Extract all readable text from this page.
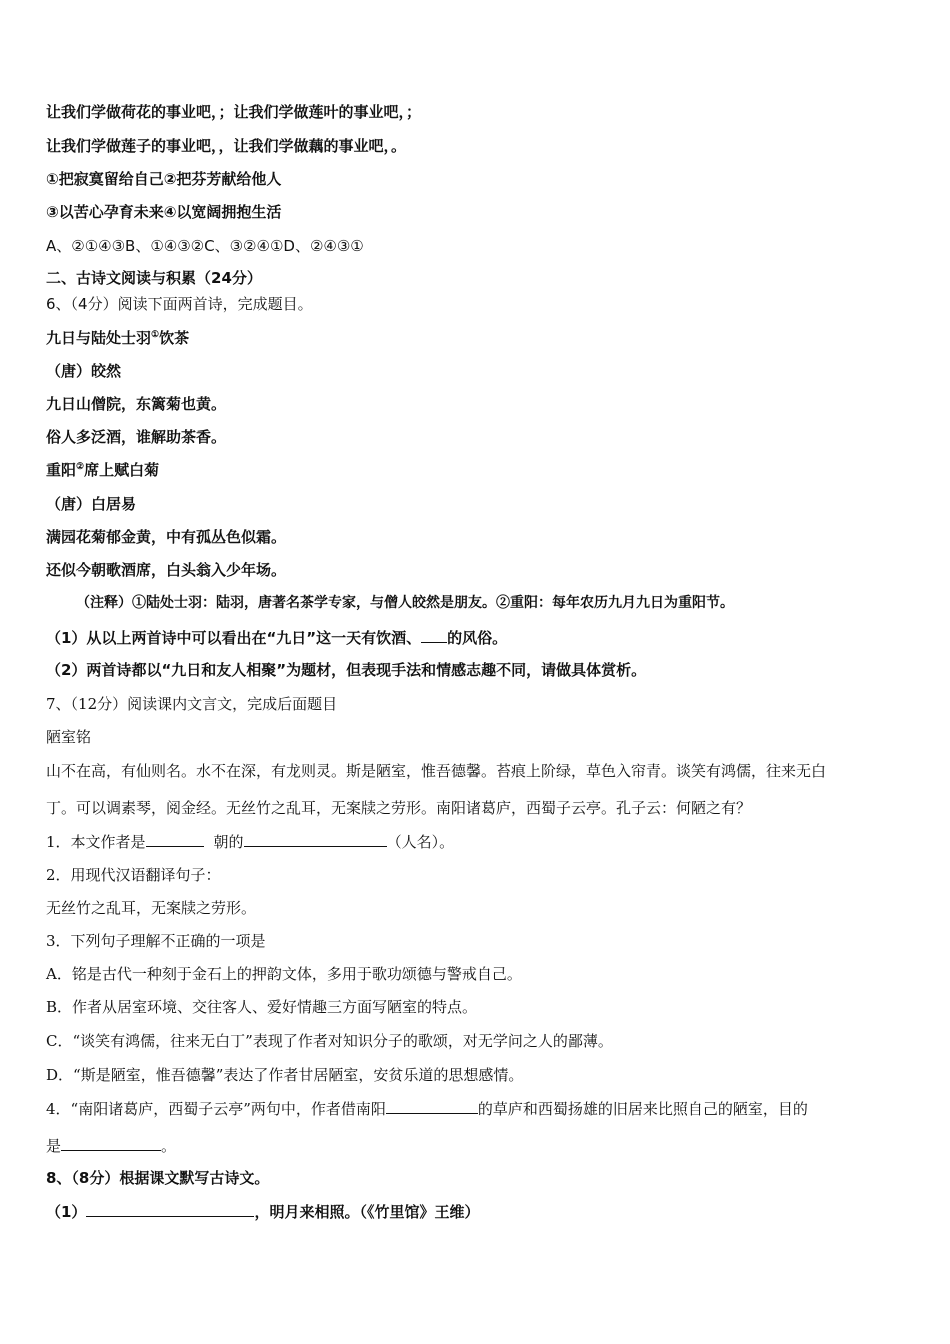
让我们学做荷花的事业吧，；让我们学做莲叶的事业吧，；
让我们学做莲子的事业吧，，让我们学做藕的事业吧，。
①把寂寞留给自己②把芬芳献给他人
③以苦心孕育未来④以宽阔拥抱生活
A、②①④③B、①④③②C、③②④①D、②④③①
二、古诗文阅读与积累（24分）
6、（4分）阅读下面两首诗，完成题目。
九日与陆处士羽①饮茶
（唐）皎然
九日山僧院，东篱菊也黄。
俗人多泛酒，谁解助茶香。
重阳②席上赋白菊
（唐）白居易
满园花菊郁金黄，中有孤丛色似霜。
还似今朝歌酒席，白头翁入少年场。
（注释）①陆处士羽：陆羽，唐著名茶学专家，与僧人皎然是朋友。②重阳：每年农历九月九日为重阳节。
（1）从以上两首诗中可以看出在“九日”这一天有饮酒、 的风俗。
（2）两首诗都以“九日和友人相聚”为题材，但表现手法和情感志趣不同，请做具体赏析。
7、（12分）阅读课内文言文，完成后面题目
陋室铭
山不在高，有仙则名。水不在深，有龙则灵。斯是陋室，惟吾德馨。苔痕上阶绿，草色入帘青。谈笑有鸿儒，往来无白
丁。可以调素琴，阅金经。无丝竹之乱耳，无案牍之劳形。南阳诸葛庐，西蜀子云亭。孔子云：何陋之有？
1．本文作者是	朝的	（人名）。
2．用现代汉语翻译句子：
无丝竹之乱耳，无案牍之劳形。
3．下列句子理解不正确的一项是
A．铭是古代一种刻于金石上的押韵文体，多用于歌功颂德与警戒自己。
B．作者从居室环境、交往客人、爱好情趣三方面写陋室的特点。
C．“谈笑有鸿儒，往来无白丁”表现了作者对知识分子的歌颂，对无学问之人的鄙薄。
D．“斯是陋室，惟吾德馨”表达了作者甘居陋室，安贫乐道的思想感情。
4．“南阳诸葛庐，西蜀子云亭”两句中，作者借南阳	的草庐和西蜀扬雄的旧居来比照自己的陋室，目的
是	。
8、（8分）根据课文默写古诗文。
（1）	，明月来相照。（《竹里馆》王维）
